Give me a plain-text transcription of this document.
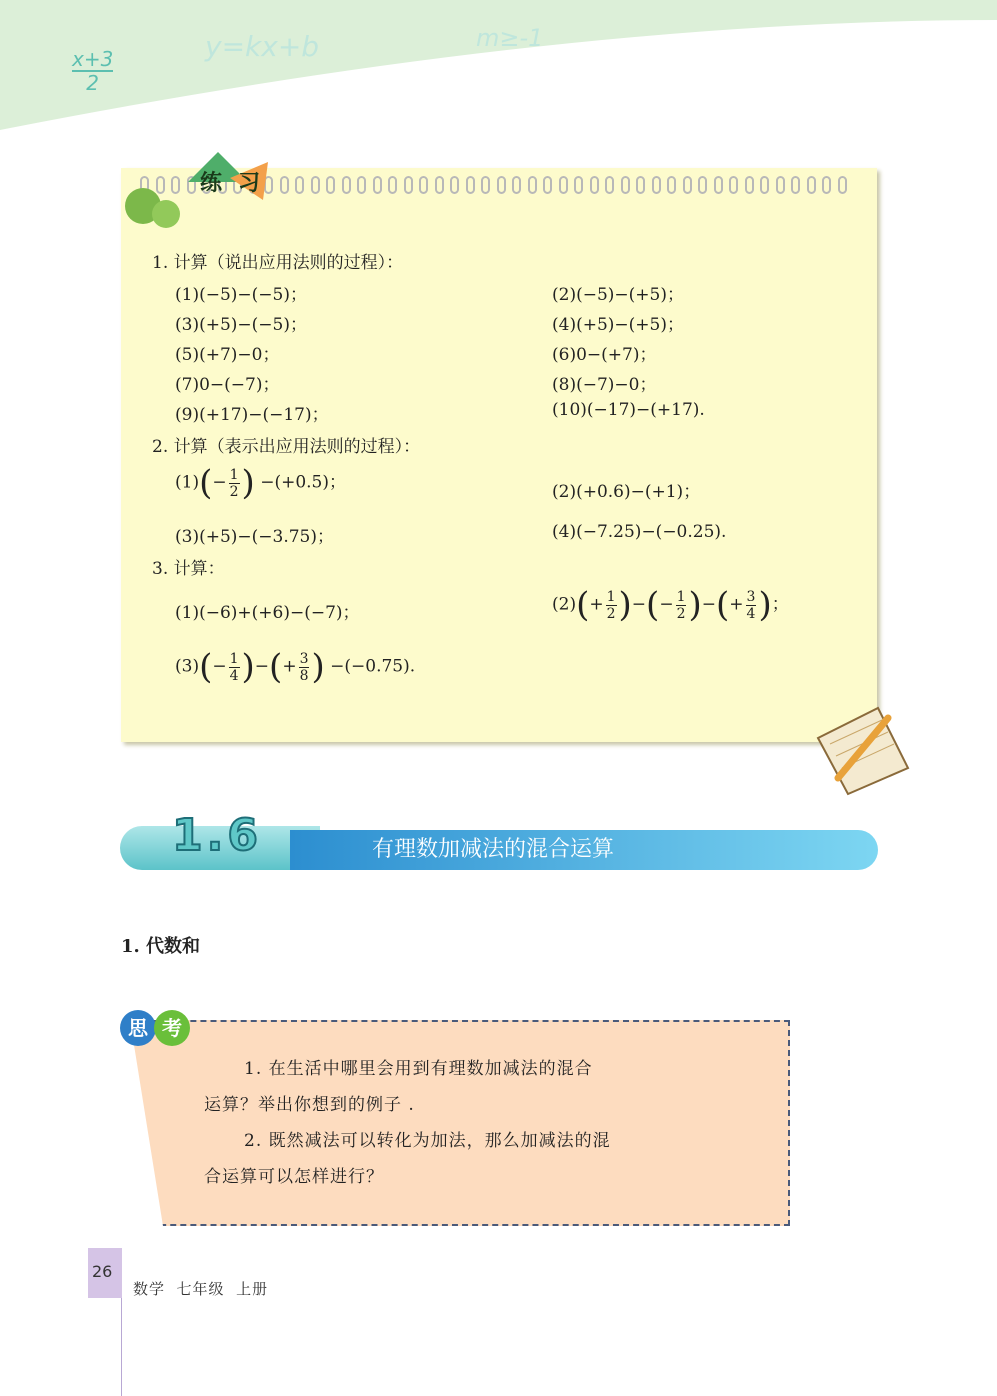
$\frac{x+3}{2}$
y=kx+b	m≥-1
练 习
1. 计算（说出应用法则的过程）：
(1)(−5)−(−5)；	(2)(−5)−(+5)；
(3)(+5)−(−5)；	(4)(+5)−(+5)；
(5)(+7)−0；	(6)0−(+7)；
(7)0−(−7)；	(8)(−7)−0；
(9)(+17)−(−17)；	(10)(−17)−(+17).
2. 计算（表示出应用法则的过程）：
$(1)(- \frac{1}{2}$ ) −(+0.5)；	(2)(+0.6)−(+1)；
(3)(+5)−(−3.75)；	(4)(−7.25)−(−0.25).
3. 计算：
(1)(−6)+(+6)−(−7)；	$(2)(+ \frac{1}{2}$ )−(− $\frac{1}{2}$ )−(+ $\frac{3}{4}$ )；
$(3)(- \frac{1}{4}$ )−(+ $\frac{3}{8}$ ) −(−0.75).
1.6	有理数加减法的混合运算
1. 代数和
思 考
1. 在生活中哪里会用到有理数加减法的混合
运算？举出你想到的例子 .
2. 既然减法可以转化为加法，那么加减法的混
合运算可以怎样进行？
26
数学  七年级  上册
